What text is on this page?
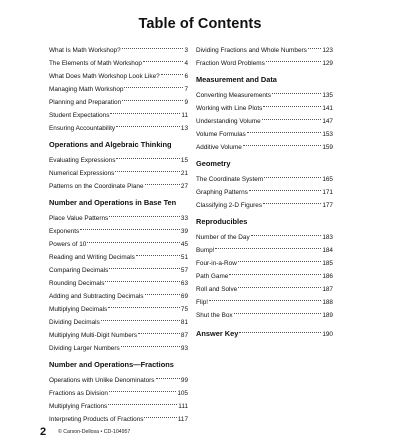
Table of Contents
What Is Math Workshop?	3
The Elements of Math Workshop	4
What Does Math Workshop Look Like?	6
Managing Math Workshop	7
Planning and Preparation	9
Student Expectations	11
Ensuring Accountability	13
Operations and Algebraic Thinking
Evaluating Expressions	15
Numerical Expressions	21
Patterns on the Coordinate Plane	27
Number and Operations in Base Ten
Place Value Patterns	33
Exponents	39
Powers of 10	45
Reading and Writing Decimals	51
Comparing Decimals	57
Rounding Decimals	63
Adding and Subtracting Decimals	69
Multiplying Decimals	75
Dividing Decimals	81
Multiplying Multi-Digit Numbers	87
Dividing Larger Numbers	93
Number and Operations—Fractions
Operations with Unlike Denominators	99
Fractions as Division	105
Multiplying Fractions	111
Interpreting Products of Fractions	117
Dividing Fractions and Whole Numbers 123
Fraction Word Problems	129
Measurement and Data
Converting Measurements	135
Working with Line Plots	141
Understanding Volume	147
Volume Formulas	153
Additive Volume	159
Geometry
The Coordinate System	165
Graphing Patterns	171
Classifying 2-D Figures	177
Reproducibles
Number of the Day	183
Bump!	184
Four-in-a-Row	185
Path Game	186
Roll and Solve	187
Flip!	188
Shut the Box	189
Answer Key	190
2	© Carson-Dellosa • CD-104957
